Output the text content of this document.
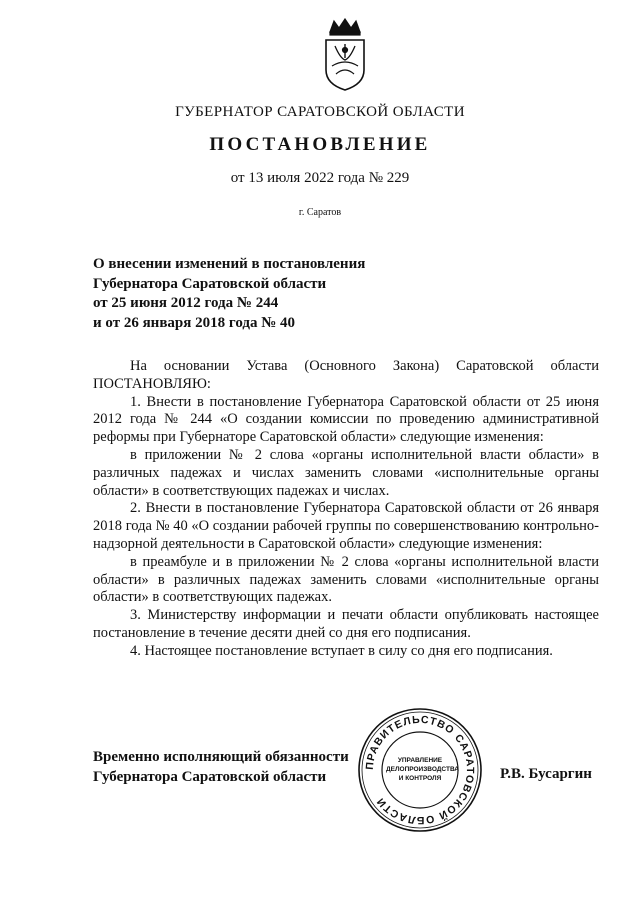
ГУБЕРНАТОР САРАТОВСКОЙ ОБЛАСТИ
ПОСТАНОВЛЕНИЕ
от 13 июля 2022 года № 229
г. Саратов
О внесении изменений в постановления
Губернатора Саратовской области
от 25 июня 2012 года № 244
и от 26 января 2018 года № 40

На основании Устава (Основного Закона) Саратовской области ПОСТАНОВЛЯЮ:

1. Внести в постановление Губернатора Саратовской области от 25 июня 2012 года № 244 «О создании комиссии по проведению административной реформы при Губернаторе Саратовской области» следующие изменения:

в приложении № 2 слова «органы исполнительной власти области» в различных падежах и числах заменить словами «исполнительные органы области» в соответствующих падежах и числах.

2. Внести в постановление Губернатора Саратовской области от 26 января 2018 года № 40 «О создании рабочей группы по совершенствованию контрольно-надзорной деятельности в Саратовской области» следующие изменения:

в преамбуле и в приложении № 2 слова «органы исполнительной власти области» в различных падежах заменить словами «исполнительные органы области» в соответствующих падежах.

3. Министерству информации и печати области опубликовать настоящее постановление в течение десяти дней со дня его подписания.

4. Настоящее постановление вступает в силу со дня его подписания.

Временно исполняющий обязанности
Губернатора Саратовской области
ПРАВИТЕЛЬСТВО САРАТОВСКОЙ ОБЛАСТИ
УПРАВЛЕНИЕ
ДЕЛОПРОИЗВОДСТВА
И КОНТРОЛЯ	Р.В. Бусаргин
